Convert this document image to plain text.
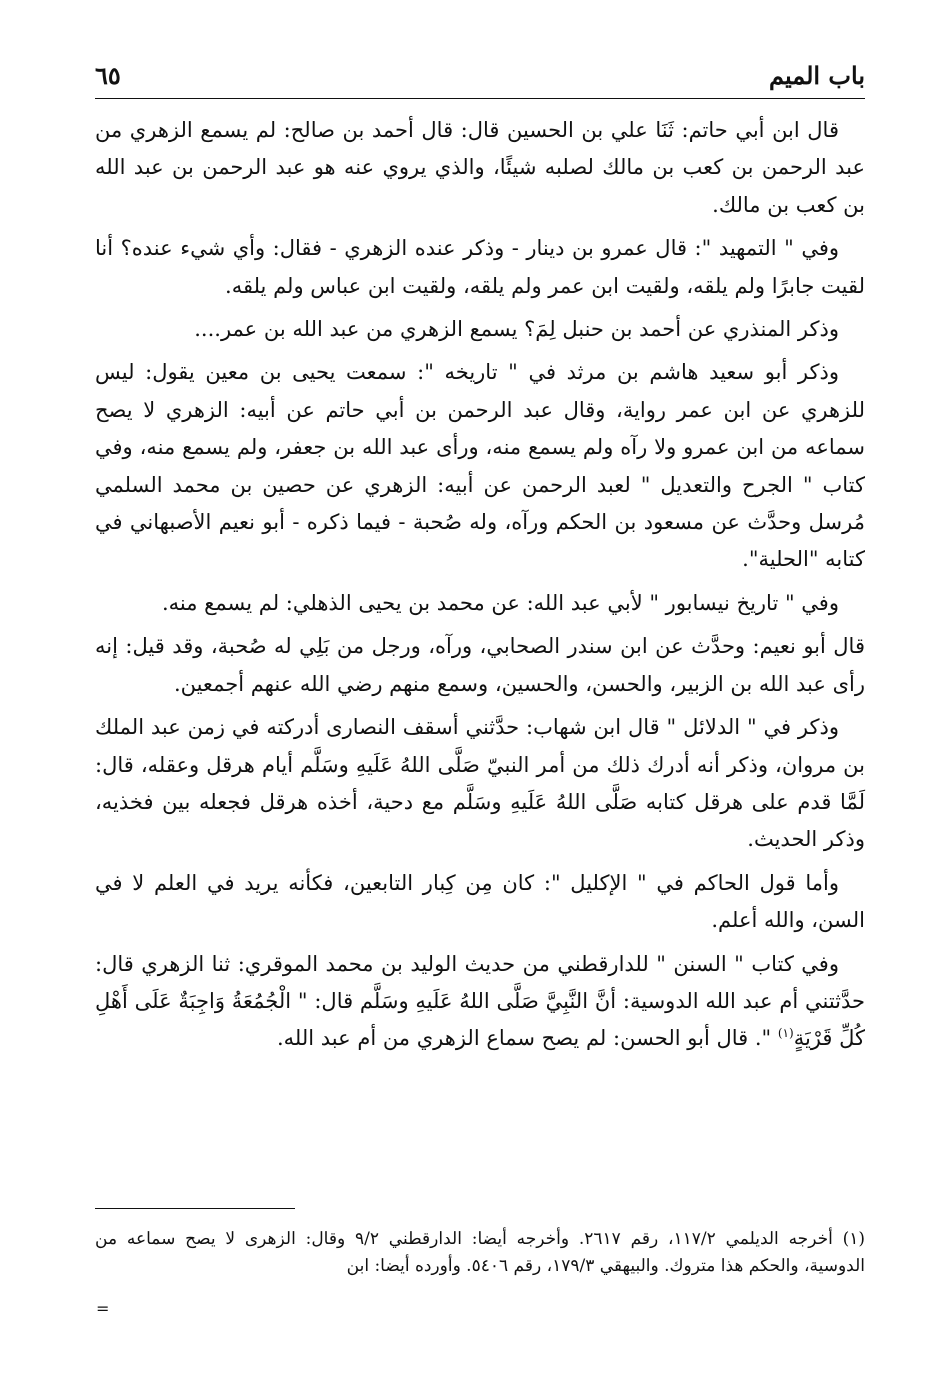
باب الميم
٦٥

قال ابن أبي حاتم: ثَنَا علي بن الحسين قال: قال أحمد بن صالح: لم يسمع الزهري من عبد الرحمن بن كعب بن مالك لصلبه شيئًا، والذي يروي عنه هو عبد الرحمن بن عبد الله بن كعب بن مالك.

وفي " التمهيد ": قال عمرو بن دينار - وذكر عنده الزهري - فقال: وأي شيء عنده؟ أنا لقيت جابرًا ولم يلقه، ولقيت ابن عمر ولم يلقه، ولقيت ابن عباس ولم يلقه.

وذكر المنذري عن أحمد بن حنبل لِمَ؟ يسمع الزهري من عبد الله بن عمر....

وذكر أبو سعيد هاشم بن مرثد في " تاريخه ": سمعت يحيى بن معين يقول: ليس للزهري عن ابن عمر رواية، وقال عبد الرحمن بن أبي حاتم عن أبيه: الزهري لا يصح سماعه من ابن عمرو ولا رآه ولم يسمع منه، ورأى عبد الله بن جعفر، ولم يسمع منه، وفي كتاب " الجرح والتعديل " لعبد الرحمن عن أبيه: الزهري عن حصين بن محمد السلمي مُرسل وحدَّث عن مسعود بن الحكم ورآه، وله صُحبة - فيما ذكره - أبو نعيم الأصبهاني في كتابه "الحلية".

وفي " تاريخ نيسابور " لأبي عبد الله: عن محمد بن يحيى الذهلي: لم يسمع منه.

قال أبو نعيم: وحدَّث عن ابن سندر الصحابي، ورآه، ورجل من بَلِي له صُحبة، وقد قيل: إنه رأى عبد الله بن الزبير، والحسن، والحسين، وسمع منهم رضي الله عنهم أجمعين.

وذكر في " الدلائل " قال ابن شهاب: حدَّثني أسقف النصارى أدركته في زمن عبد الملك بن مروان، وذكر أنه أدرك ذلك من أمر النبيّ صَلَّى اللهُ عَلَيهِ وسَلَّم أيام هرقل وعقله، قال: لَمَّا قدم على هرقل كتابه صَلَّى اللهُ عَلَيهِ وسَلَّم مع دحية، أخذه هرقل فجعله بين فخذيه، وذكر الحديث.

وأما قول الحاكم في " الإكليل ": كان مِن كِبار التابعين، فكأنه يريد في العلم لا في السن، والله أعلم.

وفي كتاب " السنن " للدارقطني من حديث الوليد بن محمد الموقري: ثنا الزهري قال: حدَّثتني أم عبد الله الدوسية: أنَّ النَّبِيَّ صَلَّى اللهُ عَلَيهِ وسَلَّم قال: " الْجُمُعَةُ وَاجِبَةٌ عَلَى أَهْلِ كُلِّ قَرْيَةٍ$^{(١)}$ ". قال أبو الحسن: لم يصح سماع الزهري من أم عبد الله.

(١) أخرجه الديلمي ١١٧/٢، رقم ٢٦١٧. وأخرجه أيضا: الدارقطني ٩/٢ وقال: الزهرى لا يصح سماعه من الدوسية، والحكم هذا متروك. والبيهقي ١٧٩/٣، رقم ٥٤٠٦. وأورده أيضا: ابن

=
